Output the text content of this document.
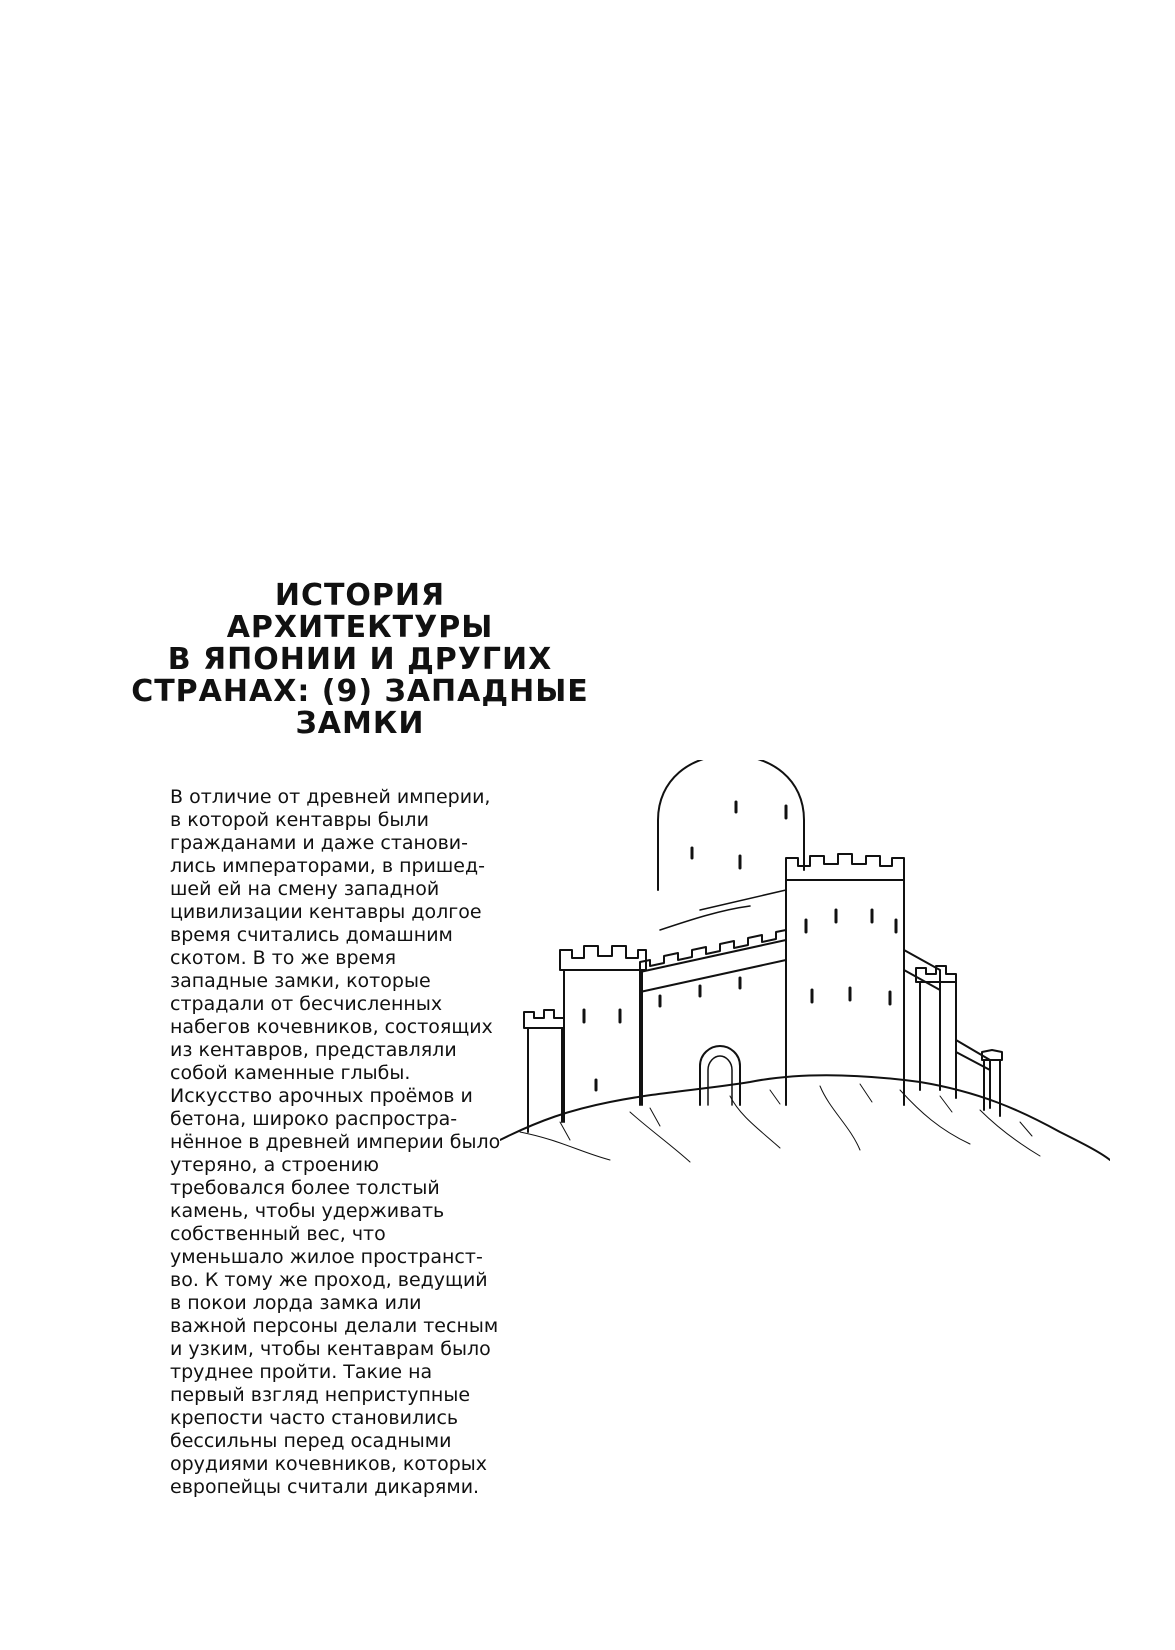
ИСТОРИЯ
АРХИТЕКТУРЫ
В ЯПОНИИ И ДРУГИХ
СТРАНАХ: (9) ЗАПАДНЫЕ
ЗАМКИ
В отличие от древней империи,
в которой кентавры были
гражданами и даже станови-
лись императорами, в пришед-
шей ей на смену западной
цивилизации кентавры долгое
время считались домашним
скотом. В то же время
западные замки, которые
страдали от бесчисленных
набегов кочевников, состоящих
из кентавров, представляли
собой каменные глыбы.
Искусство арочных проёмов и
бетона, широко распростра-
нённое в древней империи было
утеряно, а строению
требовался более толстый
камень, чтобы удерживать
собственный вес, что
уменьшало жилое пространст-
во. К тому же проход, ведущий
в покои лорда замка или
важной персоны делали тесным
и узким, чтобы кентаврам было
труднее пройти. Такие на
первый взгляд неприступные
крепости часто становились
бессильны перед осадными
орудиями кочевников, которых
европейцы считали дикарями.
